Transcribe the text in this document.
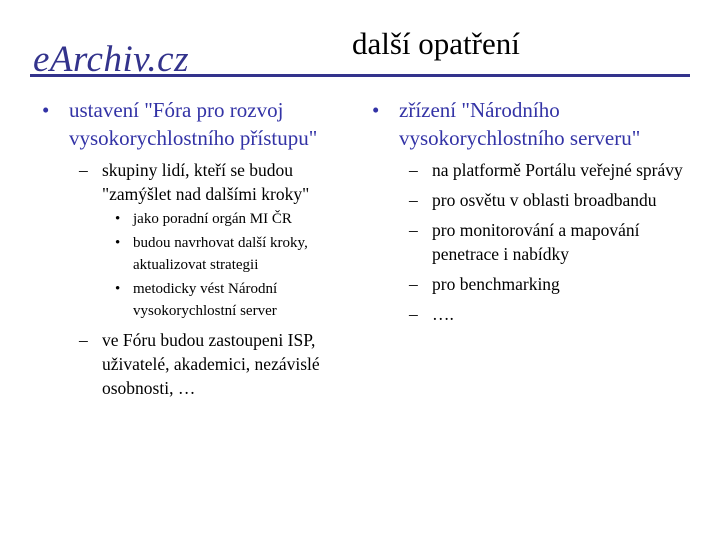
eArchiv.cz	další opatření
• ustavení "Fóra pro rozvoj vysokorychlostního přístupu"
– skupiny lidí, kteří se budou "zamýšlet nad dalšími kroky"
• jako poradní orgán MI ČR
• budou navrhovat další kroky, aktualizovat strategii
• metodicky vést Národní vysokorychlostní server
– ve Fóru budou zastoupeni ISP, uživatelé, akademici, nezávislé osobnosti, …
• zřízení "Národního vysokorychlostního serveru"
– na platformě Portálu veřejné správy
– pro osvětu v oblasti broadbandu
– pro monitorování a mapování penetrace i nabídky
– pro benchmarking
– ….
